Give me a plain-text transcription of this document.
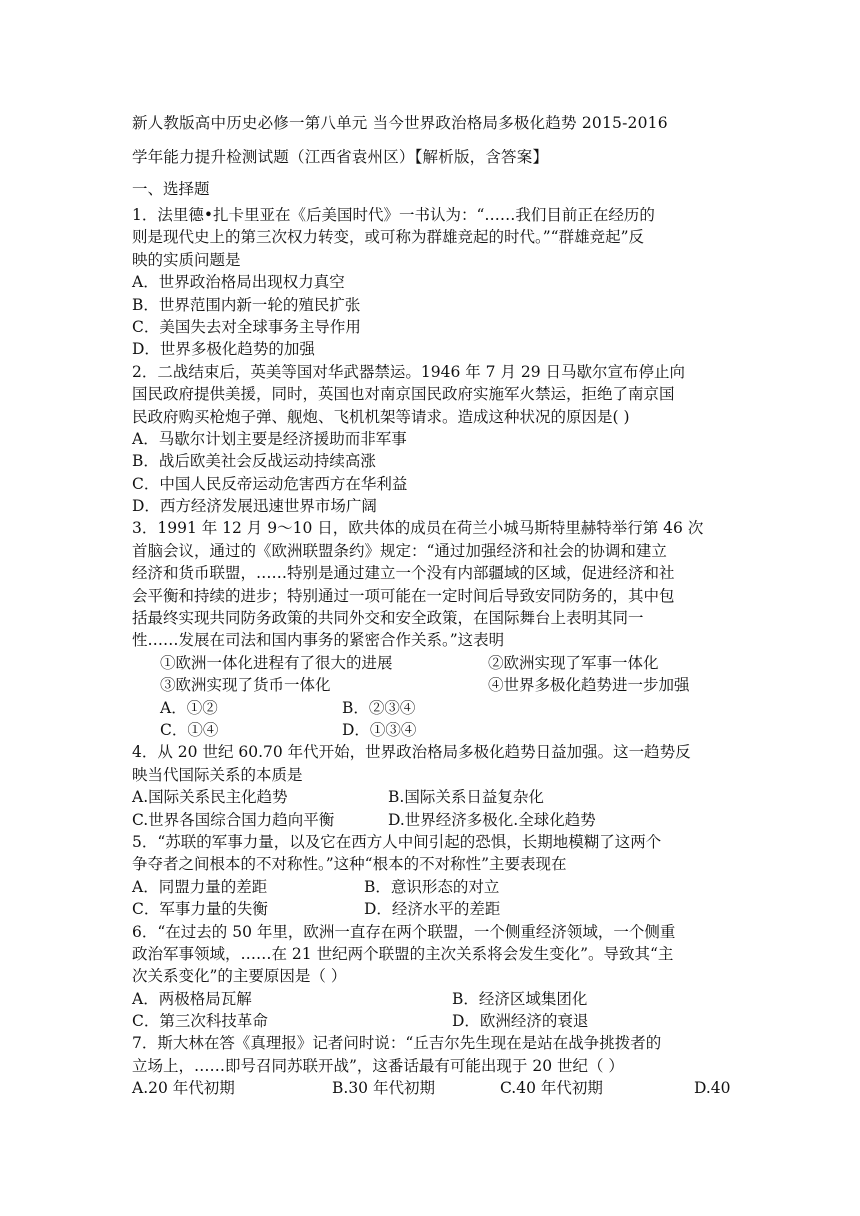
新人教版高中历史必修一第八单元 当今世界政治格局多极化趋势 2015-2016
学年能力提升检测试题（江西省袁州区）【解析版，含答案】
一、选择题
1．法里德•扎卡里亚在《后美国时代》一书认为：“……我们目前正在经历的
则是现代史上的第三次权力转变，或可称为群雄竞起的时代。”“群雄竞起”反
映的实质问题是
A．世界政治格局出现权力真空
B．世界范围内新一轮的殖民扩张
C．美国失去对全球事务主导作用
D．世界多极化趋势的加强
2．二战结束后，英美等国对华武器禁运。1946 年 7 月 29 日马歇尔宣布停止向
国民政府提供美援，同时，英国也对南京国民政府实施军火禁运，拒绝了南京国
民政府购买枪炮子弹、舰炮、飞机机架等请求。造成这种状况的原因是( )
A．马歇尔计划主要是经济援助而非军事
B．战后欧美社会反战运动持续高涨
C．中国人民反帝运动危害西方在华利益
D．西方经济发展迅速世界市场广阔
3．1991 年 12 月 9～10 日，欧共体的成员在荷兰小城马斯特里赫特举行第 46 次
首脑会议，通过的《欧洲联盟条约》规定：“通过加强经济和社会的协调和建立
经济和货币联盟，……特别是通过建立一个没有内部疆域的区域，促进经济和社
会平衡和持续的进步；特别通过一项可能在一定时间后导致安同防务的，其中包
括最终实现共同防务政策的共同外交和安全政策，在国际舞台上表明其同一
性……发展在司法和国内事务的紧密合作关系。”这表明
①欧洲一体化进程有了很大的进展	②欧洲实现了军事一体化
③欧洲实现了货币一体化	④世界多极化趋势进一步加强
A．①②	B．②③④
C．①④	D．①③④
4．从 20 世纪 60.70 年代开始，世界政治格局多极化趋势日益加强。这一趋势反
映当代国际关系的本质是
A.国际关系民主化趋势	B.国际关系日益复杂化
C.世界各国综合国力趋向平衡	D.世界经济多极化.全球化趋势
5．“苏联的军事力量，以及它在西方人中间引起的恐惧，长期地模糊了这两个
争夺者之间根本的不对称性。”这种“根本的不对称性”主要表现在
A．同盟力量的差距	B．意识形态的对立
C．军事力量的失衡	D．经济水平的差距
6．“在过去的 50 年里，欧洲一直存在两个联盟，一个侧重经济领域，一个侧重
政治军事领域，……在 21 世纪两个联盟的主次关系将会发生变化”。导致其“主
次关系变化”的主要原因是（ ）
A．两极格局瓦解	B．经济区域集团化
C．第三次科技革命	D．欧洲经济的衰退
7．斯大林在答《真理报》记者问时说：“丘吉尔先生现在是站在战争挑拨者的
立场上，……即号召同苏联开战”，这番话最有可能出现于 20 世纪（ ）
A.20 年代初期	B.30 年代初期	C.40 年代初期	D.40
